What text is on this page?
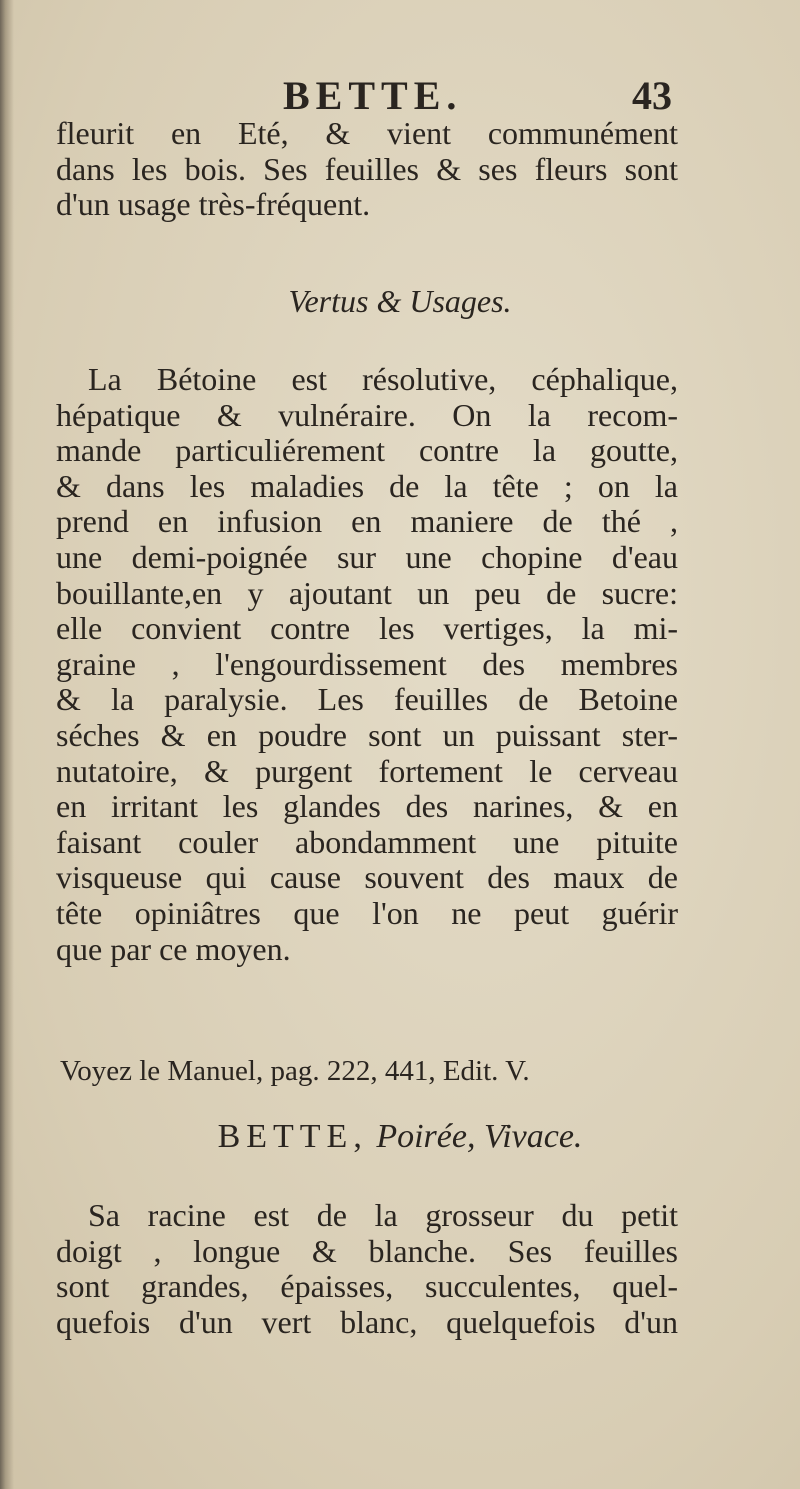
BETTE.	43
fleurit en Eté, & vient communément
dans les bois. Ses feuilles & ses fleurs sont
d'un usage très-fréquent.
Vertus & Usages.
La Bétoine est résolutive, céphalique,
hépatique & vulnéraire. On la recom-
mande particuliérement contre la goutte,
& dans les maladies de la tête ; on la
prend en infusion en maniere de thé ,
une demi-poignée sur une chopine d'eau
bouillante,en y ajoutant un peu de sucre:
elle convient contre les vertiges, la mi-
graine , l'engourdissement des membres
& la paralysie. Les feuilles de Betoine
séches & en poudre sont un puissant ster-
nutatoire, & purgent fortement le cerveau
en irritant les glandes des narines, & en
faisant couler abondamment une pituite
visqueuse qui cause souvent des maux de
tête opiniâtres que l'on ne peut guérir
que par ce moyen.
Voyez le Manuel, pag. 222, 441, Edit. V.
BETTE, Poirée, Vivace.
Sa racine est de la grosseur du petit
doigt , longue & blanche. Ses feuilles
sont grandes, épaisses, succulentes, quel-
quefois d'un vert blanc, quelquefois d'un
